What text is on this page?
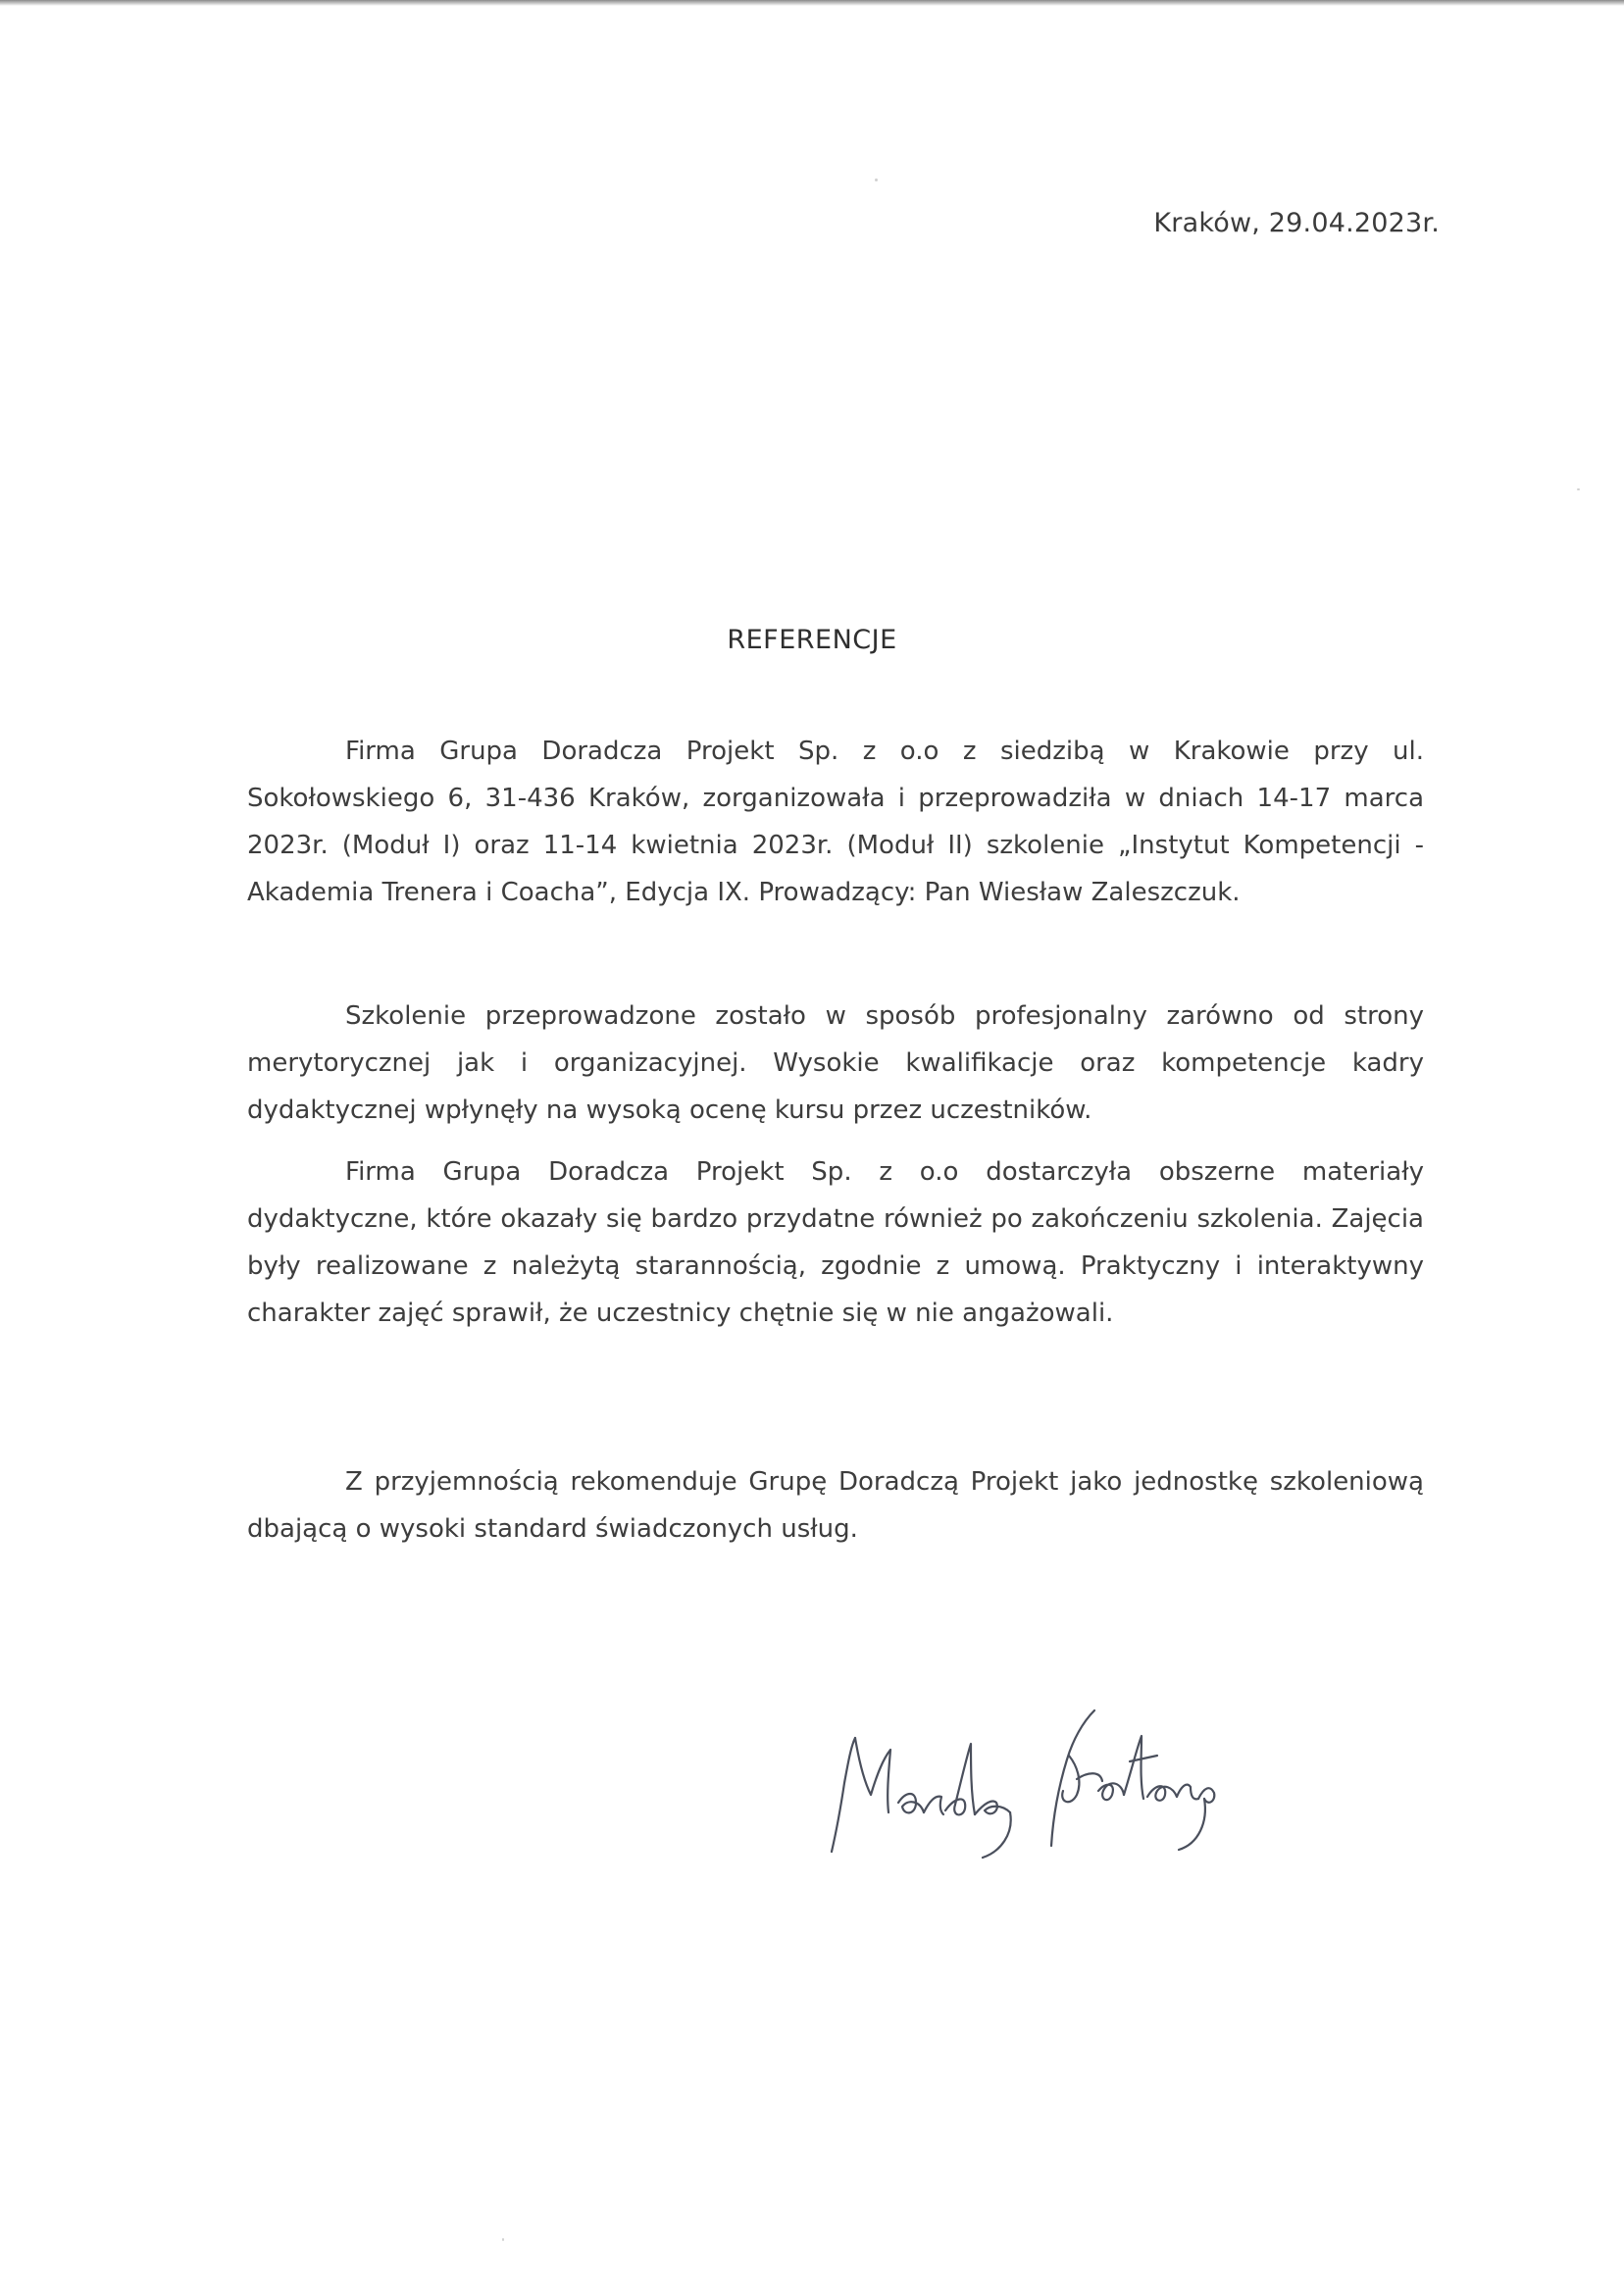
Kraków, 29.04.2023r.
REFERENCJE

Firma Grupa Doradcza Projekt Sp. z o.o z siedzibą w Krakowie przy ul. Sokołowskiego 6, 31-436 Kraków, zorganizowała i przeprowadziła w dniach 14-17 marca 2023r. (Moduł I) oraz 11-14 kwietnia 2023r. (Moduł II) szkolenie „Instytut Kompetencji - Akademia Trenera i Coacha”, Edycja IX. Prowadzący: Pan Wiesław Zaleszczuk.

Szkolenie przeprowadzone zostało w sposób profesjonalny zarówno od strony merytorycznej jak i organizacyjnej. Wysokie kwalifikacje oraz kompetencje kadry dydaktycznej wpłynęły na wysoką ocenę kursu przez uczestników.

Firma Grupa Doradcza Projekt Sp. z o.o dostarczyła obszerne materiały dydaktyczne, które okazały się bardzo przydatne również po zakończeniu szkolenia. Zajęcia były realizowane z należytą starannością, zgodnie z umową. Praktyczny i interaktywny charakter zajęć sprawił, że uczestnicy chętnie się w nie angażowali.

Z przyjemnością rekomenduje Grupę Doradczą Projekt jako jednostkę szkoleniową dbającą o wysoki standard świadczonych usług.
